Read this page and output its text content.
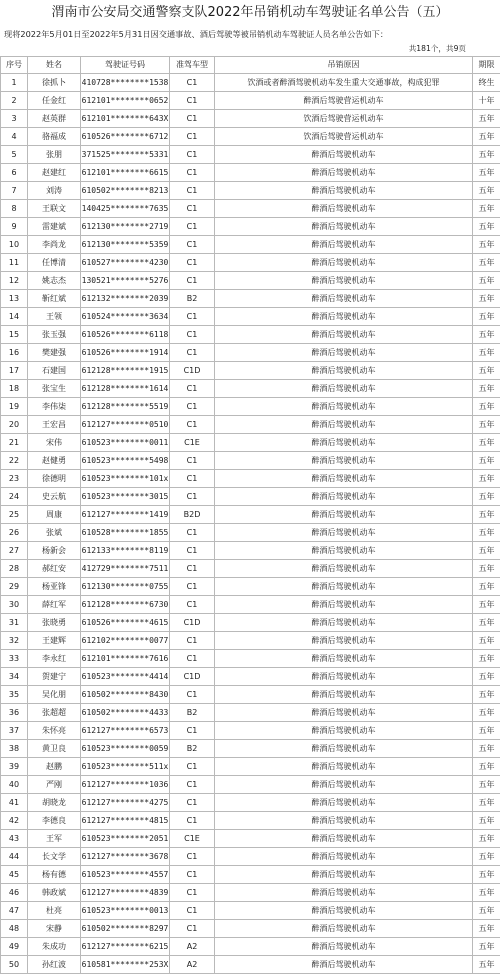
渭南市公安局交通警察支队2022年吊销机动车驾驶证名单公告（五）
现将2022年5月01日至2022年5月31日因交通事故、酒后驾驶等被吊销机动车驾驶证人员名单公告如下：
共181个，共9页
序号	姓名	驾驶证号码	准驾车型	吊销原因	期限
1	徐抓卜	410728********1538	C1	饮酒或者醉酒驾驶机动车发生重大交通事故，构成犯罪	终生
2	任金红	612101********0652	C1	醉酒后驾驶营运机动车	十年
3	赵英群	612101********643X	C1	饮酒后驾驶营运机动车	五年
4	骆福成	610526********6712	C1	饮酒后驾驶营运机动车	五年
5	张朋	371525********5331	C1	醉酒后驾驶机动车	五年
6	赵建红	612101********6615	C1	醉酒后驾驶机动车	五年
7	刘涛	610502********8213	C1	醉酒后驾驶机动车	五年
8	王联文	140425********7635	C1	醉酒后驾驶机动车	五年
9	雷建斌	612130********2719	C1	醉酒后驾驶机动车	五年
10	李尚龙	612130********5359	C1	醉酒后驾驶机动车	五年
11	任博清	610527********4230	C1	醉酒后驾驶机动车	五年
12	姚志杰	130521********5276	C1	醉酒后驾驶机动车	五年
13	靳红斌	612132********2039	B2	醉酒后驾驶机动车	五年
14	王领	610524********3634	C1	醉酒后驾驶机动车	五年
15	张玉强	610526********6118	C1	醉酒后驾驶机动车	五年
16	樊建强	610526********1914	C1	醉酒后驾驶机动车	五年
17	石建国	612128********1915	C1D	醉酒后驾驶机动车	五年
18	张宝生	612128********1614	C1	醉酒后驾驶机动车	五年
19	李伟柒	612128********5519	C1	醉酒后驾驶机动车	五年
20	王宏昌	612127********0510	C1	醉酒后驾驶机动车	五年
21	宋伟	610523********0011	C1E	醉酒后驾驶机动车	五年
22	赵健勇	610523********5498	C1	醉酒后驾驶机动车	五年
23	徐德明	610523********101x	C1	醉酒后驾驶机动车	五年
24	史云航	610523********3015	C1	醉酒后驾驶机动车	五年
25	周康	612127********1419	B2D	醉酒后驾驶机动车	五年
26	张斌	610528********1855	C1	醉酒后驾驶机动车	五年
27	杨新会	612133********8119	C1	醉酒后驾驶机动车	五年
28	郝红安	412729********7511	C1	醉酒后驾驶机动车	五年
29	杨亚锋	612130********0755	C1	醉酒后驾驶机动车	五年
30	薛红军	612128********6730	C1	醉酒后驾驶机动车	五年
31	张晓勇	610526********4615	C1D	醉酒后驾驶机动车	五年
32	王建辉	612102********0077	C1	醉酒后驾驶机动车	五年
33	李永红	612101********7616	C1	醉酒后驾驶机动车	五年
34	贺建宁	610523********4414	C1D	醉酒后驾驶机动车	五年
35	吴化朋	610502********8430	C1	醉酒后驾驶机动车	五年
36	张超超	610502********4433	B2	醉酒后驾驶机动车	五年
37	朱怀亮	612127********6573	C1	醉酒后驾驶机动车	五年
38	黄卫良	610523********0059	B2	醉酒后驾驶机动车	五年
39	赵鹏	610523********511x	C1	醉酒后驾驶机动车	五年
40	严刚	612127********1036	C1	醉酒后驾驶机动车	五年
41	胡晓龙	612127********4275	C1	醉酒后驾驶机动车	五年
42	李德良	612127********4815	C1	醉酒后驾驶机动车	五年
43	王军	610523********2051	C1E	醉酒后驾驶机动车	五年
44	长文学	612127********3678	C1	醉酒后驾驶机动车	五年
45	杨有德	610523********4557	C1	醉酒后驾驶机动车	五年
46	韩政斌	612127********4839	C1	醉酒后驾驶机动车	五年
47	杜亮	610523********0013	C1	醉酒后驾驶机动车	五年
48	宋静	610502********8297	C1	醉酒后驾驶机动车	五年
49	朱成功	612127********6215	A2	醉酒后驾驶机动车	五年
50	孙红波	610581********253X	A2	醉酒后驾驶机动车	五年
